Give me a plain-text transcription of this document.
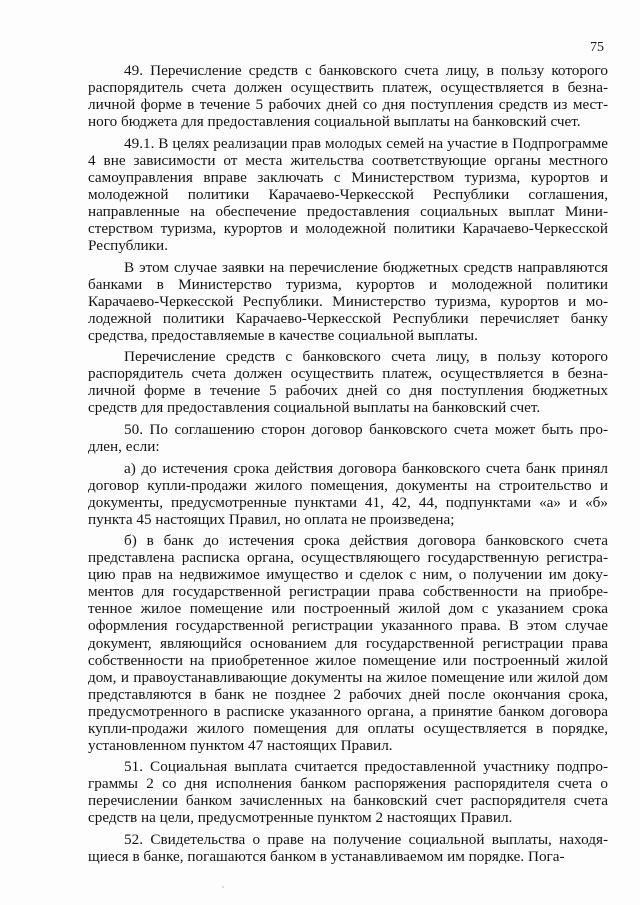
75

49. Перечисление средств с банковского счета лицу, в пользу которого распорядитель счета должен осуществить платеж, осуществляется в безналичной форме в течение 5 рабочих дней со дня поступления средств из местного бюджета для предоставления социальной выплаты на банковский счет.

49.1. В целях реализации прав молодых семей на участие в Подпрограмме 4 вне зависимости от места жительства соответствующие органы местного самоуправления вправе заключать с Министерством туризма, курортов и молодежной политики Карачаево-Черкесской Республики соглашения, направленные на обеспечение предоставления социальных выплат Министерством туризма, курортов и молодежной политики Карачаево-Черкесской Республики.

В этом случае заявки на перечисление бюджетных средств направляются банками в Министерство туризма, курортов и молодежной политики Карачаево-Черкесской Республики. Министерство туризма, курортов и молодежной политики Карачаево-Черкесской Республики перечисляет банку средства, предоставляемые в качестве социальной выплаты.

Перечисление средств с банковского счета лицу, в пользу которого распорядитель счета должен осуществить платеж, осуществляется в безналичной форме в течение 5 рабочих дней со дня поступления бюджетных средств для предоставления социальной выплаты на банковский счет.

50. По соглашению сторон договор банковского счета может быть продлен, если:

а) до истечения срока действия договора банковского счета банк принял договор купли-продажи жилого помещения, документы на строительство и документы, предусмотренные пунктами 41, 42, 44, подпунктами «а» и «б» пункта 45 настоящих Правил, но оплата не произведена;

б) в банк до истечения срока действия договора банковского счета представлена расписка органа, осуществляющего государственную регистрацию прав на недвижимое имущество и сделок с ним, о получении им документов для государственной регистрации права собственности на приобретенное жилое помещение или построенный жилой дом с указанием срока оформления государственной регистрации указанного права. В этом случае документ, являющийся основанием для государственной регистрации права собственности на приобретенное жилое помещение или построенный жилой дом, и правоустанавливающие документы на жилое помещение или жилой дом представляются в банк не позднее 2 рабочих дней после окончания срока, предусмотренного в расписке указанного органа, а принятие банком договора купли-продажи жилого помещения для оплаты осуществляется в порядке, установленном пунктом 47 настоящих Правил.

51. Социальная выплата считается предоставленной участнику подпрограммы 2 со дня исполнения банком распоряжения распорядителя счета о перечислении банком зачисленных на банковский счет распорядителя счета средств на цели, предусмотренные пунктом 2 настоящих Правил.

52. Свидетельства о праве на получение социальной выплаты, находящиеся в банке, погашаются банком в устанавливаемом им порядке. Пога-
